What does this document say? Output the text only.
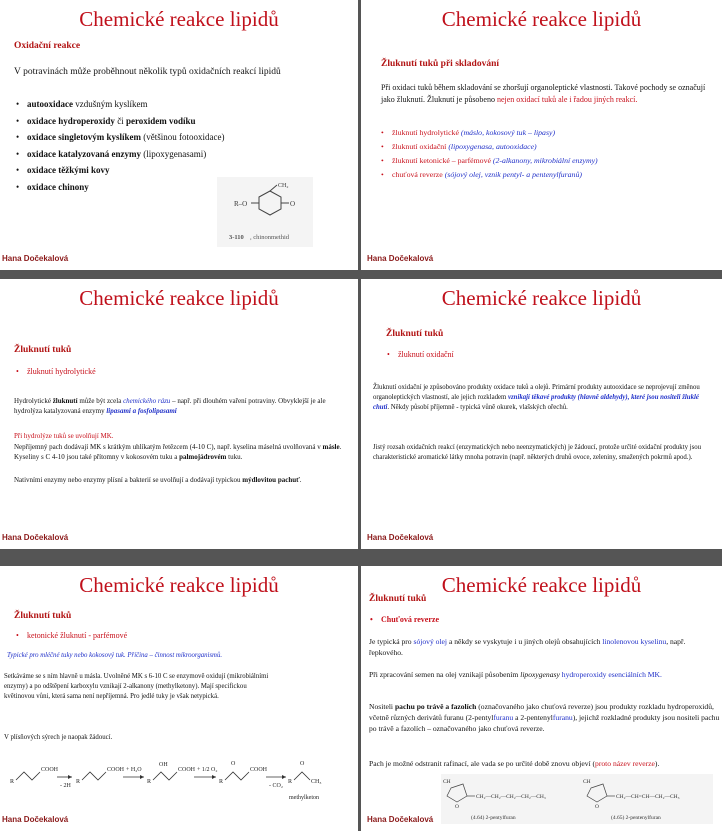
Chemické reakce lipidů
Oxidační reakce
V potravinách může proběhnout několik typů oxidačních reakcí lipidů
• autooxidace vzdušným kyslíkem
• oxidace hydroperoxidy či peroxidem vodíku
• oxidace singletovým kyslíkem (většinou fotooxidace)
• oxidace katalyzovaná enzymy (lipoxygenasami)
• oxidace těžkými kovy
• oxidace chinony	CH₂
O
R–O
3-110 , chinonmethid
Hana Dočekalová
Chemické reakce lipidů
Žluknutí tuků při skladování
Při oxidaci tuků během skladování se zhoršují organoleptické vlastnosti. Takové pochody se označují jako žluknutí. Žluknutí je působeno nejen oxidací tuků ale i řadou jiných reakcí.
• žluknutí hydrolytické (máslo, kokosový tuk – lipasy)
• žluknutí oxidační (lipoxygenasa, autooxidace)
• žluknutí ketonické – parfémové (2-alkanony, mikrobiální enzymy)
• chuťová reverze (sójový olej, vznik pentyl- a pentenylfuranů)
Hana Dočekalová
Chemické reakce lipidů
Žluknutí tuků
• žluknutí hydrolytické
Hydrolytické žluknutí může být zcela chemického rázu – např. při dlouhém vaření potraviny. Obvyklejší je ale hydrolýza katalyzovaná enzymy lipasami a fosfolipasami
Při hydrolýze tuků se uvolňují MK.
Nepříjemný pach dodávají MK s krátkým uhlíkatým řetězcem (4-10 C), např. kyselina máselná uvolňovaná v másle. Kyseliny s C 4-10 jsou také přítomny v kokosovém tuku a palmojádrovém tuku.
Nativními enzymy nebo enzymy plísní a bakterií se uvolňují a dodávají typickou mýdlovitou pachuť.
Hana Dočekalová
Chemické reakce lipidů
Žluknutí tuků
• žluknutí oxidační
Žluknutí oxidační je způsobováno produkty oxidace tuků a olejů. Primární produkty autooxidace se neprojevují změnou organoleptických vlastností, ale jejich rozkladem vznikají těkavé produkty (hlavně aldehydy), které jsou nositeli žluklé chuti. Někdy působí příjemně - typická vůně okurek, vlašských ořechů.
Jistý rozsah oxidačních reakcí (enzymatických nebo neenzymatických) je žádoucí, protože určité oxidační produkty jsou charakteristické aromatické látky mnoha potravin (např. některých druhů ovoce, zeleniny, smažených pokrmů apod.).
Hana Dočekalová
Chemické reakce lipidů
Žluknutí tuků
• ketonické žluknutí - parfémové
Typické pro mléčné tuky nebo kokosový tuk. Příčina – činnost mikroorganismů.
Setkáváme se s ním hlavně u másla. Uvolněné MK s 6-10 C se enzymově oxidují (mikrobiálními enzymy) a po odštěpení karboxylu vznikají 2-alkanony (methylketony). Mají specifickou květinovou vůni, která sama není nepříjemná. Pro jedlé tuky je však netypická.
V plísňových sýrech je naopak žádoucí.
R
COOH
- 2H
R
COOH + H₂O
R
OH
COOH + 1/2 O₂
R
O
COOH
- CO₂
R
O
CH₃
methylketon
Hana Dočekalová
Chemické reakce lipidů
Žluknutí tuků
• Chuťová reverze
Je typická pro sójový olej a někdy se vyskytuje i u jiných olejů obsahujících linolenovou kyselinu, např. řepkového.
Při zpracování semen na olej vznikají působením lipoxygenasy hydroperoxidy esenciálních MK.
Nositeli pachu po trávě a fazolích (označovaného jako chuťová reverze) jsou produkty rozkladu hydroperoxidů, včetně různých derivátů furanu (2-pentylfuranu a 2-pentenylfuranu), jejichž rozkladné produkty jsou nositeli pachu po trávě a fazolích – označovaného jako chuťová reverze.
Pach je možné odstranit rafinací, ale vadа se po určité době znovu objeví (proto název reverze).
CH
O
CH₂—CH₂—CH₂—CH₂—CH₃
CH
O
CH₂—CH=CH—CH₂—CH₃
(4.64) 2-pentylfuran	(4.65) 2-pentenylfuran
Hana Dočekalová
